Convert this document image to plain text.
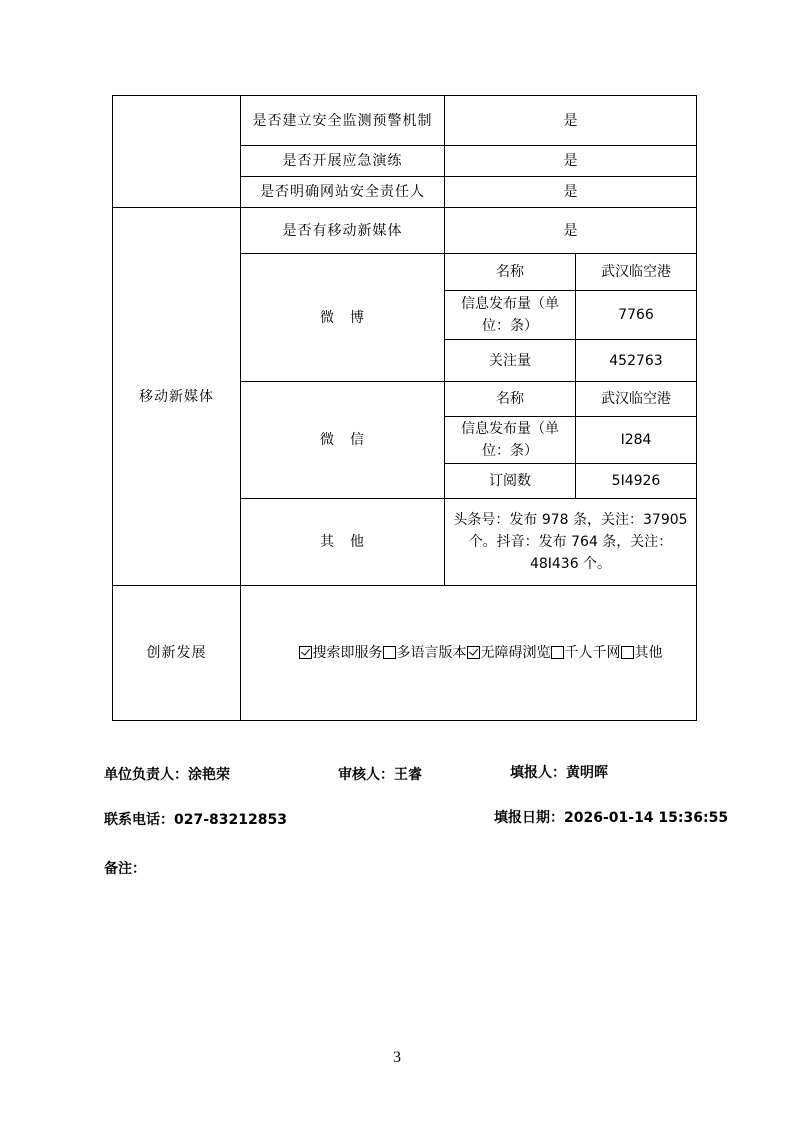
	是否建立安全监测预警机制	是	
	是否开展应急演练	是	
	是否明确网站安全责任人	是	
移动新媒体	是否有移动新媒体	是	
	微　博	名称	武汉临空港
		信息发布量（单位：条）	7766
		关注量	452763
	微　信	名称	武汉临空港
		信息发布量（单位：条）	I284
		订阅数	5I4926
	其　他	头条号：发布 978 条，关注：37905 个。抖音：发布 764 条，关注：48I436 个。	
创新发展	搜索即服务 多语言版本 无障碍浏览 千人千网 其他		
单位负责人：涂艳荣	审核人：王睿	填报人：黄明晖
联系电话：027-83212853	填报日期：2026-01-14 15:36:55
备注：
3
